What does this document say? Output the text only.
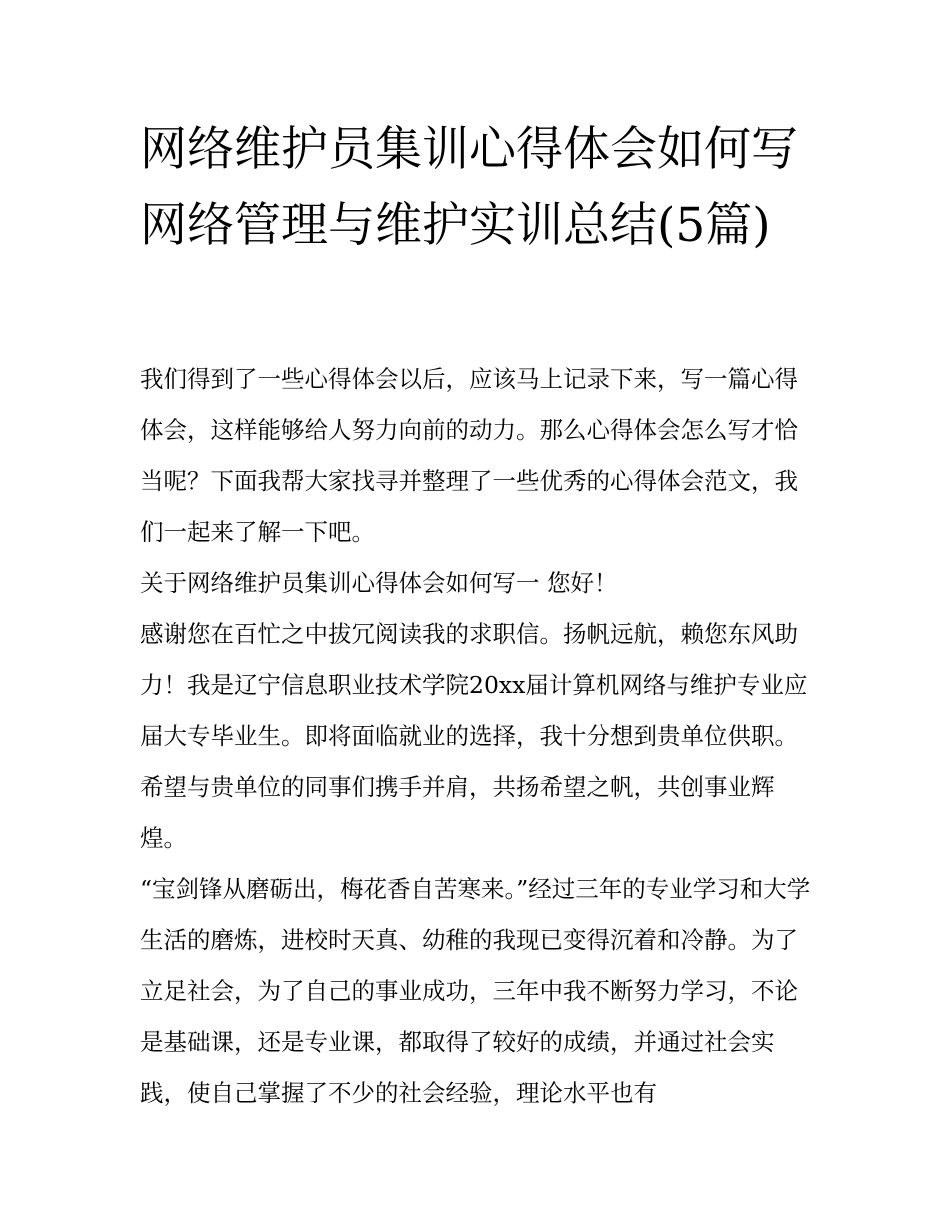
网络维护员集训心得体会如何写 网络管理与维护实训总结(5篇)

我们得到了一些心得体会以后，应该马上记录下来，写一篇心得体会，这样能够给人努力向前的动力。那么心得体会怎么写才恰当呢？下面我帮大家找寻并整理了一些优秀的心得体会范文，我们一起来了解一下吧。

关于网络维护员集训心得体会如何写一 您好！

感谢您在百忙之中拔冗阅读我的求职信。扬帆远航，赖您东风助力！我是辽宁信息职业技术学院20xx届计算机网络与维护专业应届大专毕业生。即将面临就业的选择，我十分想到贵单位供职。希望与贵单位的同事们携手并肩，共扬希望之帆，共创事业辉煌。

“宝剑锋从磨砺出，梅花香自苦寒来。”经过三年的专业学习和大学生活的磨炼，进校时天真、幼稚的我现已变得沉着和冷静。为了立足社会，为了自己的事业成功，三年中我不断努力学习，不论是基础课，还是专业课，都取得了较好的成绩，并通过社会实践，使自己掌握了不少的社会经验，理论水平也有
